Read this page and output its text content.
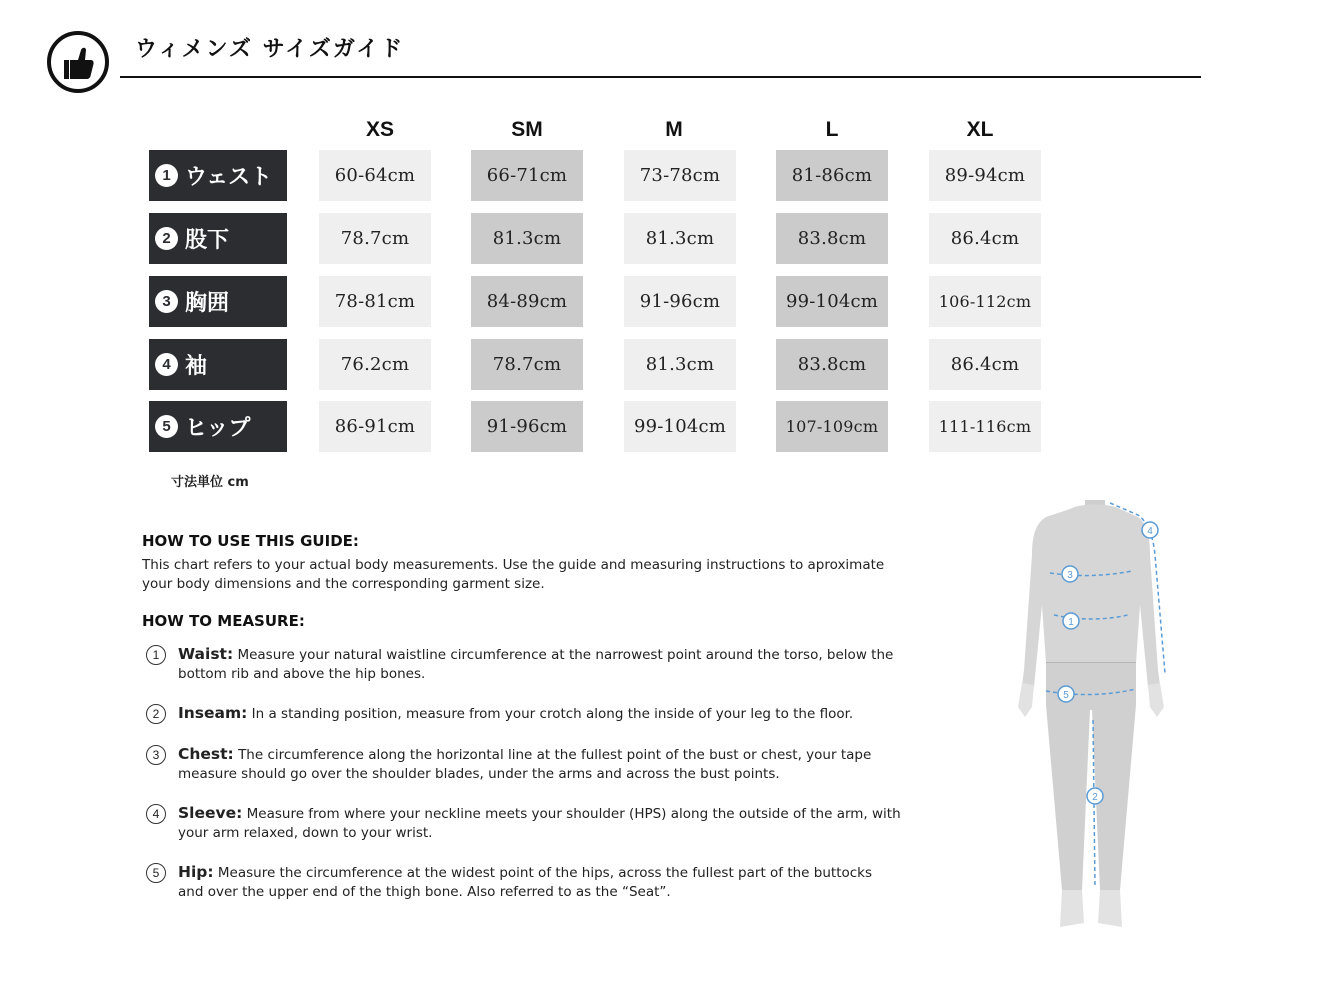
ウィメンズ サイズガイド
XS	SM	M	L	XL
1 ウェスト	60-64cm	66-71cm	73-78cm	81-86cm	89-94cm
2 股下	78.7cm	81.3cm	81.3cm	83.8cm	86.4cm
3 胸囲	78-81cm	84-89cm	91-96cm	99-104cm	106-112cm
4 袖	76.2cm	78.7cm	81.3cm	83.8cm	86.4cm
5 ヒップ	86-91cm	91-96cm	99-104cm	107-109cm	111-116cm
寸法単位 cm
HOW TO USE THIS GUIDE:
This chart refers to your actual body measurements. Use the guide and measuring instructions to aproximate
your body dimensions and the corresponding garment size.
HOW TO MEASURE:
1	Waist: Measure your natural waistline circumference at the narrowest point around the torso, below the
bottom rib and above the hip bones.
2	Inseam: In a standing position, measure from your crotch along the inside of your leg to the floor.
3	Chest: The circumference along the horizontal line at the fullest point of the bust or chest, your tape
measure should go over the shoulder blades, under the arms and across the bust points.
4	Sleeve: Measure from where your neckline meets your shoulder (HPS) along the outside of the arm, with
your arm relaxed, down to your wrist.
5	Hip: Measure the circumference at the widest point of the hips, across the fullest part of the buttocks
and over the upper end of the thigh bone. Also referred to as the “Seat”.
3
1
5
2
4
